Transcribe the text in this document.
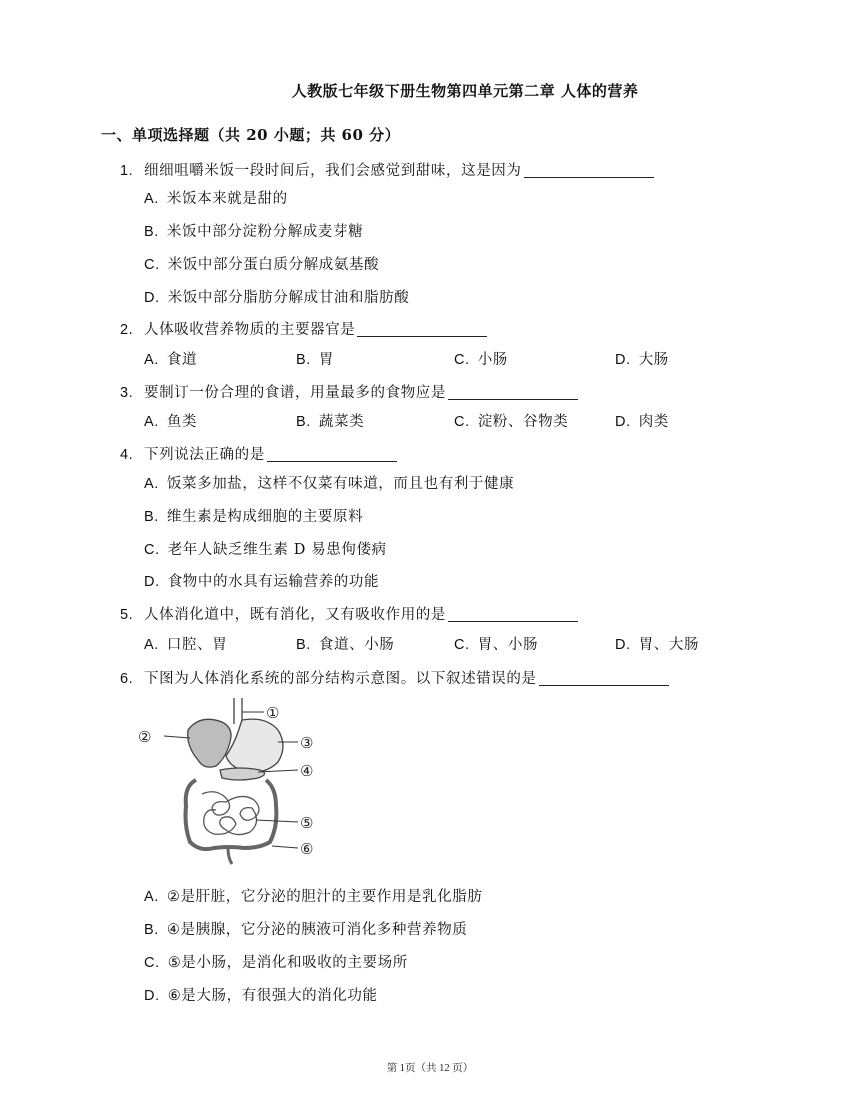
人教版七年级下册生物第四单元第二章 人体的营养
一、单项选择题（共 20 小题；共 60 分）
1. 细细咀嚼米饭一段时间后，我们会感觉到甜味，这是因为
A. 米饭本来就是甜的
B. 米饭中部分淀粉分解成麦芽糖
C. 米饭中部分蛋白质分解成氨基酸
D. 米饭中部分脂肪分解成甘油和脂肪酸
2. 人体吸收营养物质的主要器官是
A. 食道	B. 胃	C. 小肠	D. 大肠
3. 要制订一份合理的食谱，用量最多的食物应是
A. 鱼类	B. 蔬菜类	C. 淀粉、谷物类	D. 肉类
4. 下列说法正确的是
A. 饭菜多加盐，这样不仅菜有味道，而且也有利于健康
B. 维生素是构成细胞的主要原料
C. 老年人缺乏维生素 D 易患佝偻病
D. 食物中的水具有运输营养的功能
5. 人体消化道中，既有消化，又有吸收作用的是
A. 口腔、胃	B. 食道、小肠	C. 胃、小肠	D. 胃、大肠
6. 下图为人体消化系统的部分结构示意图。以下叙述错误的是
①
②	③
④
⑤
⑥
A. ②是肝脏，它分泌的胆汁的主要作用是乳化脂肪
B. ④是胰腺，它分泌的胰液可消化多种营养物质
C. ⑤是小肠，是消化和吸收的主要场所
D. ⑥是大肠，有很强大的消化功能
第 1页（共 12 页）
